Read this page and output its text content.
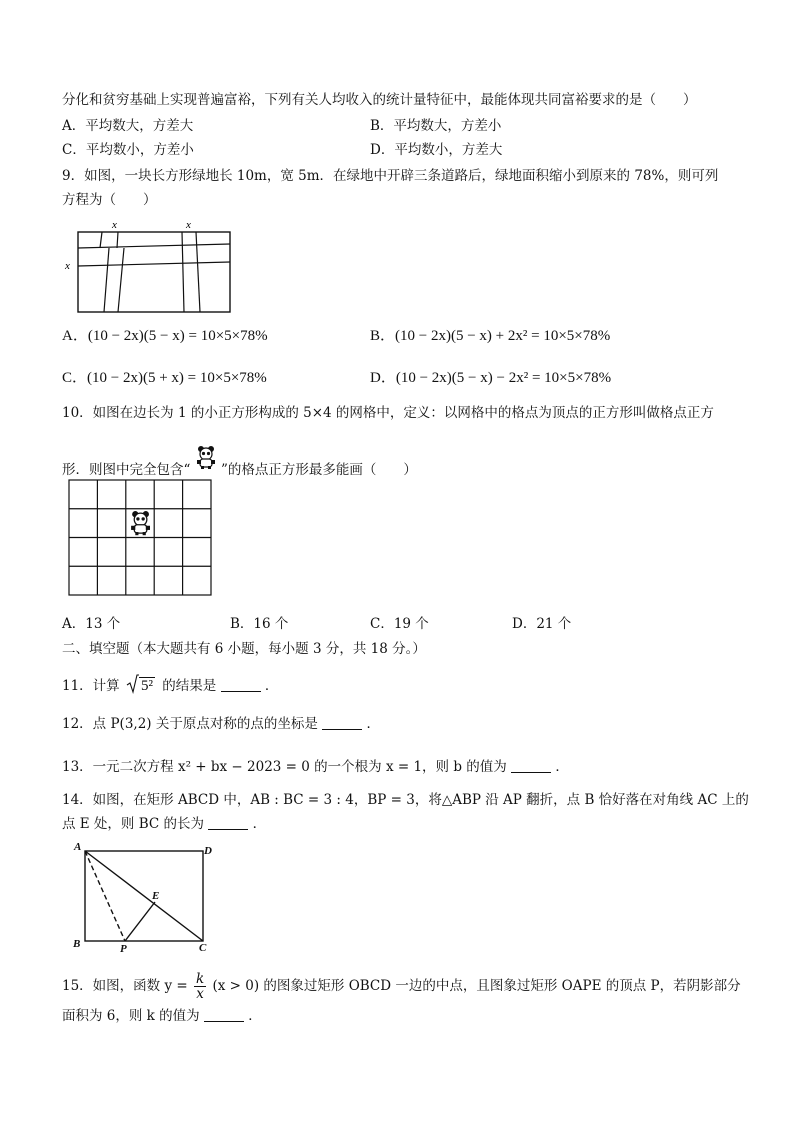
分化和贫穷基础上实现普遍富裕，下列有关人均收入的统计量特征中，最能体现共同富裕要求的是（　　）
A．平均数大，方差大	B．平均数大，方差小
C．平均数小，方差小	D．平均数小，方差大
9．如图，一块长方形绿地长 10m，宽 5m．在绿地中开辟三条道路后，绿地面积缩小到原来的 78%，则可列
方程为（　　）
x	x
x
A．(10 − 2x)(5 − x) = 10×5×78%	B．(10 − 2x)(5 − x) + 2x² = 10×5×78%
C．(10 − 2x)(5 + x) = 10×5×78%	D．(10 − 2x)(5 − x) − 2x² = 10×5×78%
10．如图在边长为 1 的小正方形构成的 5×4 的网格中，定义：以网格中的格点为顶点的正方形叫做格点正方
形．则图中完全包含“ ”的格点正方形最多能画（　　）
A．13 个	B．16 个	C．19 个	D．21 个
二、填空题（本大题共有 6 小题，每小题 3 分，共 18 分。）
11．计算 5² 的结果是	．
12．点 P(3,2) 关于原点对称的点的坐标是	．
13．一元二次方程 x² + bx − 2023 = 0 的一个根为 x = 1，则 b 的值为	．
14．如图，在矩形 ABCD 中，AB : BC = 3 : 4，BP = 3，将△ABP 沿 AP 翻折，点 B 恰好落在对角线 AC 上的
点 E 处，则 BC 的长为	．
A	D
B	C
E
P
15．如图，函数 $y = \frac{k}{x} (x > 0)$ 的图象过矩形 OBCD 一边的中点，且图象过矩形 OAPE 的顶点 P，若阴影部分
面积为 6，则 k 的值为	．
